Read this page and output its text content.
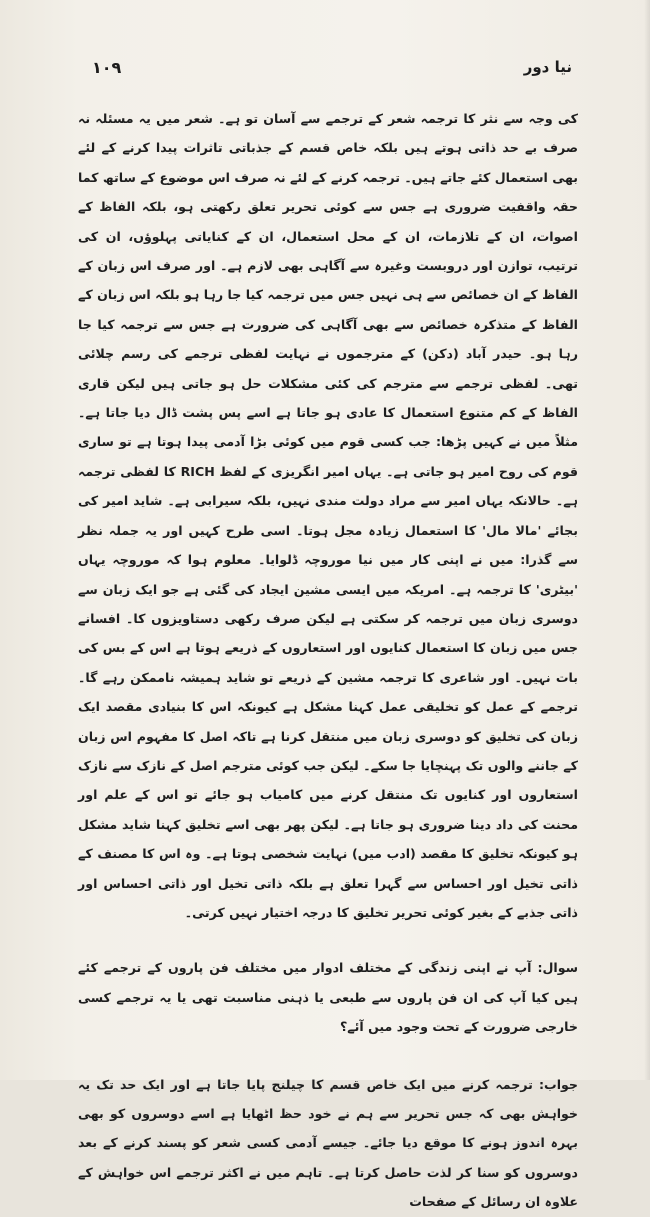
نیا دور
۱۰۹

کی وجہ سے نثر کا ترجمہ شعر کے ترجمے سے آسان تو ہے۔ شعر میں یہ مسئلہ نہ صرف بے حد ذاتی ہوتے ہیں بلکہ خاص قسم کے جذباتی تاثرات پیدا کرنے کے لئے بھی استعمال کئے جاتے ہیں۔ ترجمہ کرنے کے لئے نہ صرف اس موضوع کے ساتھ کما حقہ واقفیت ضروری ہے جس سے کوئی تحریر تعلق رکھتی ہو، بلکہ الفاظ کے اصوات، ان کے تلازمات، ان کے محل استعمال، ان کے کنایاتی پہلوؤں، ان کی ترتیب، توازن اور دروبست وغیرہ سے آگاہی بھی لازم ہے۔ اور صرف اس زبان کے الفاظ کے ان خصائص سے ہی نہیں جس میں ترجمہ کیا جا رہا ہو بلکہ اس زبان کے الفاظ کے متذکرہ خصائص سے بھی آگاہی کی ضرورت ہے جس سے ترجمہ کیا جا رہا ہو۔ حیدر آباد (دکن) کے مترجموں نے نہایت لفظی ترجمے کی رسم چلائی تھی۔ لفظی ترجمے سے مترجم کی کئی مشکلات حل ہو جاتی ہیں لیکن قاری الفاظ کے کم متنوع استعمال کا عادی ہو جاتا ہے اسے پس پشت ڈال دیا جاتا ہے۔ مثلاً میں نے کہیں پڑھا: جب کسی قوم میں کوئی بڑا آدمی پیدا ہوتا ہے تو ساری قوم کی روح امیر ہو جاتی ہے۔ یہاں امیر انگریزی کے لفظ RICH کا لفظی ترجمہ ہے۔ حالانکہ یہاں امیر سے مراد دولت مندی نہیں، بلکہ سیرابی ہے۔ شاید امیر کی بجائے 'مالا مال' کا استعمال زیادہ مجل ہوتا۔ اسی طرح کہیں اور یہ جملہ نظر سے گذرا: میں نے اپنی کار میں نیا موروچہ ڈلوایا۔ معلوم ہوا کہ موروچہ یہاں 'بیٹری' کا ترجمہ ہے۔ امریکہ میں ایسی مشین ایجاد کی گئی ہے جو ایک زبان سے دوسری زبان میں ترجمہ کر سکتی ہے لیکن صرف رکھی دستاویزوں کا۔ افسانے جس میں زبان کا استعمال کنایوں اور استعاروں کے ذریعے ہوتا ہے اس کے بس کی بات نہیں۔ اور شاعری کا ترجمہ مشین کے ذریعے تو شاید ہمیشہ ناممکن رہے گا۔ ترجمے کے عمل کو تخلیقی عمل کہنا مشکل ہے کیونکہ اس کا بنیادی مقصد ایک زبان کی تخلیق کو دوسری زبان میں منتقل کرنا ہے تاکہ اصل کا مفہوم اس زبان کے جاننے والوں تک پہنچایا جا سکے۔ لیکن جب کوئی مترجم اصل کے نازک سے نازک استعاروں اور کنایوں تک منتقل کرنے میں کامیاب ہو جائے تو اس کے علم اور محنت کی داد دینا ضروری ہو جاتا ہے۔ لیکن پھر بھی اسے تخلیق کہنا شاید مشکل ہو کیونکہ تخلیق کا مقصد (ادب میں) نہایت شخصی ہوتا ہے۔ وہ اس کا مصنف کے ذاتی تخیل اور احساس سے گہرا تعلق ہے بلکہ ذاتی تخیل اور ذاتی احساس اور ذاتی جذبے کے بغیر کوئی تحریر تخلیق کا درجہ اختیار نہیں کرتی۔

سوال: آپ نے اپنی زندگی کے مختلف ادوار میں مختلف فن پاروں کے ترجمے کئے ہیں کیا آپ کی ان فن پاروں سے طبعی یا ذہنی مناسبت تھی یا یہ ترجمے کسی خارجی ضرورت کے تحت وجود میں آئے؟

جواب: ترجمہ کرنے میں ایک خاص قسم کا چیلنج پایا جاتا ہے اور ایک حد تک یہ خواہش بھی کہ جس تحریر سے ہم نے خود حظ اٹھایا ہے اسے دوسروں کو بھی بہرہ اندوز ہونے کا موقع دیا جائے۔ جیسے آدمی کسی شعر کو پسند کرنے کے بعد دوسروں کو سنا کر لذت حاصل کرتا ہے۔ تاہم میں نے اکثر ترجمے اس خواہش کے علاوہ ان رسائل کے صفحات
